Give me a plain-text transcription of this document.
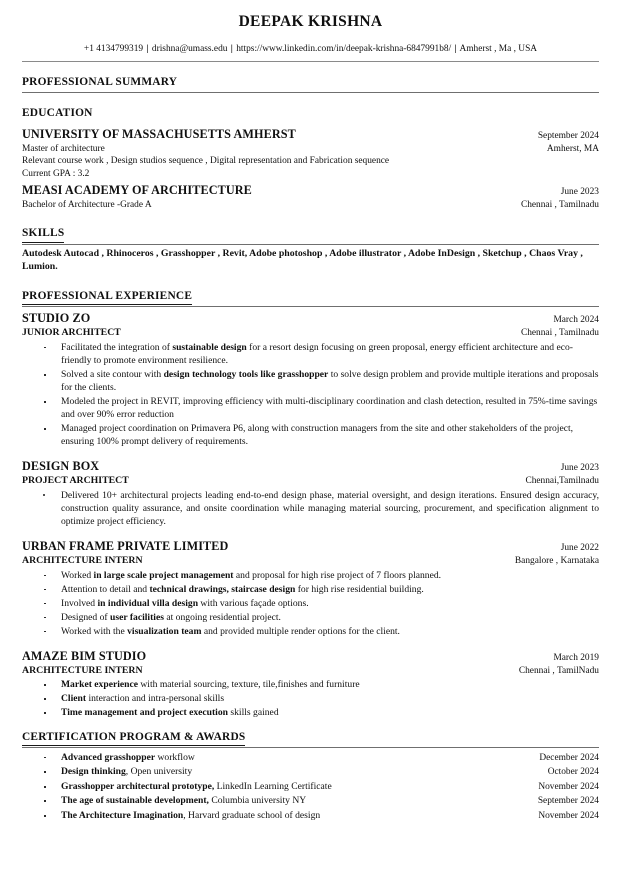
DEEPAK KRISHNA
+1 4134799319 | drishna@umass.edu | https://www.linkedin.com/in/deepak-krishna-6847991b8/ | Amherst , Ma , USA
PROFESSIONAL SUMMARY
EDUCATION
UNIVERSITY OF MASSACHUSETTS AMHERST	September 2024
Master of architecture	Amherst, MA
Relevant course work , Design studios sequence , Digital representation and Fabrication sequence
Current GPA : 3.2
MEASI ACADEMY OF ARCHITECTURE	June 2023
Bachelor of Architecture -Grade A	Chennai , Tamilnadu
SKILLS
Autodesk Autocad , Rhinoceros , Grasshopper , Revit, Adobe photoshop , Adobe illustrator , Adobe InDesign , Sketchup , Chaos Vray , Lumion.
PROFESSIONAL EXPERIENCE
STUDIO ZO	March 2024
JUNIOR ARCHITECT	Chennai , Tamilnadu
Facilitated the integration of sustainable design for a resort design focusing on green proposal, energy efficient architecture and eco- friendly to promote environment resilience.
Solved a site contour with design technology tools like grasshopper to solve design problem and provide multiple iterations and proposals for the clients.
Modeled the project in REVIT, improving efficiency with multi-disciplinary coordination and clash detection, resulted in 75%-time savings and over 90% error reduction
Managed project coordination on Primavera P6, along with construction managers from the site and other stakeholders of the project, ensuring 100% prompt delivery of requirements.
DESIGN BOX	June 2023
PROJECT ARCHITECT	Chennai,Tamilnadu
Delivered 10+ architectural projects leading end-to-end design phase, material oversight, and design iterations. Ensured design accuracy, construction quality assurance, and onsite coordination while managing material sourcing, procurement, and specification alignment to optimize project efficiency.
URBAN FRAME PRIVATE LIMITED	June 2022
ARCHITECTURE INTERN	Bangalore , Karnataka
Worked in large scale project management and proposal for high rise project of 7 floors planned.
Attention to detail and technical drawings, staircase design for high rise residential building.
Involved in individual villa design with various façade options.
Designed of user facilities at ongoing residential project.
Worked with the visualization team and provided multiple render options for the client.
AMAZE BIM STUDIO	March 2019
ARCHITECTURE INTERN	Chennai , TamilNadu
Market experience with material sourcing, texture, tile,finishes and furniture
Client interaction and intra-personal skills
Time management and project execution skills gained
CERTIFICATION PROGRAM & AWARDS
Advanced grasshopper workflow	December 2024
Design thinking, Open university	October 2024
Grasshopper architectural prototype, LinkedIn Learning Certificate	November 2024
The age of sustainable development, Columbia university NY	September 2024
The Architecture Imagination, Harvard graduate school of design	November 2024
